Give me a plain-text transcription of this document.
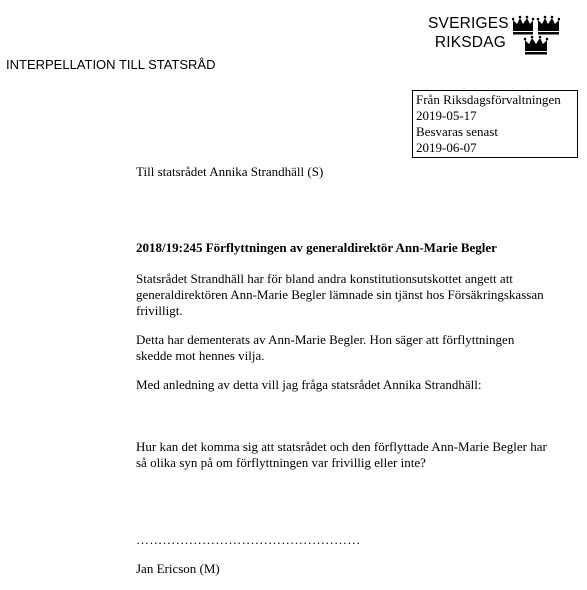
SVERIGES
RIKSDAG
INTERPELLATION TILL STATSRÅD
Från Riksdagsförvaltningen
2019-05-17
Besvaras senast
2019-06-07
Till statsrådet Annika Strandhäll (S)
2018/19:245 Förflyttningen av generaldirektör Ann-Marie Begler
Statsrådet Strandhäll har för bland andra konstitutionsutskottet angett att
generaldirektören Ann-Marie Begler lämnade sin tjänst hos Försäkringskassan
frivilligt.
Detta har dementerats av Ann-Marie Begler. Hon säger att förflyttningen
skedde mot hennes vilja.
Med anledning av detta vill jag fråga statsrådet Annika Strandhäll:
Hur kan det komma sig att statsrådet och den förflyttade Ann-Marie Begler har
så olika syn på om förflyttningen var frivillig eller inte?
……………………………………………
Jan Ericson (M)
